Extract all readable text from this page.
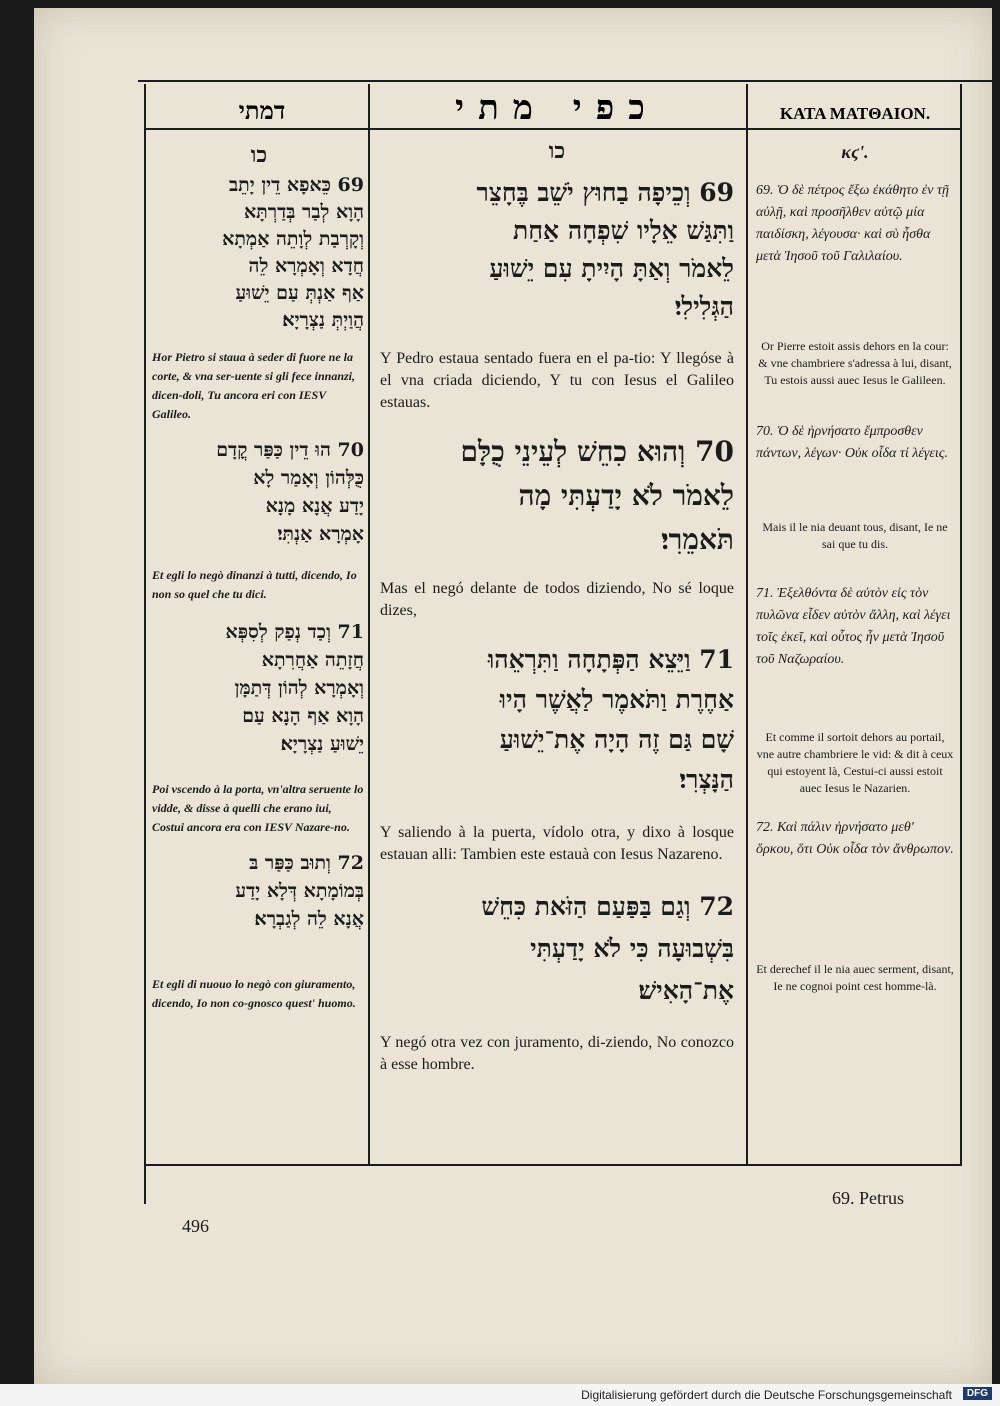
דמתי	כפי מתי	KATA MATΘAION.
כו	כו	κϛ'.
69 כֵּאפָא דֵין יָתֵב
הָוָא לְבַר בְּדַרְתָּא
וְקָרְבַת לְוָתֵה אַמְתָא
חֲדָא וְאָמְרָא לֵה
אַף אַנְתְּ עַם יֵשׁוּעַ
הֲוַיְתְּ נַצְרָיָא׃
Hor Pietro si staua à seder di fuore ne la corte, & vna ser-uente si gli fece innanzi, dicen-doli, Tu ancora eri con IESV Galileo.
70 הוּ דֵין כַּפַּר קֳדָם
כֻּלְּהוֹן וְאָמַר לָא
יָדַע אֲנָא מָנָא
אָמְרָא אַנְתִּי׃
Et egli lo negò dinanzi à tutti, dicendo, Io non so quel che tu dici.
71 וְכַד נְפַק לְסִפְּא
חֲזָתֵה אַחֲרִתָא
וְאָמְרָא לְהוֹן דְּתַמָּן
הָוָא אַף הָנָא עַם
יֵשׁוּעַ נַצְרָיָא׃
Poi vscendo à la porta, vn'altra seruente lo vidde, & disse à quelli che erano iui, Costui ancora era con IESV Nazare-no.
72 וְתוּב כַּפַּר בּ
בְּמוֹמָתָא דְּלָא יָדַע
אֲנָא לֵה לְגַבְרָא׃
Et egli di nuouo lo negò con giuramento, dicendo, Io non co-gnosco quest' huomo.
69 וְכֵיפָה בַחוּץ יֹשֵׁב בֶּחָצֵר
וַתִּגַּשׁ אֵלָיו שִׁפְחָה אַחַת
לֵאמֹר וְאַתָּ הָיִיתָ עִם יֵשׁוּעַ
הַגְּלִילִי׃
Y Pedro estaua sentado fuera en el pa-tio: Y llegóse à el vna criada diciendo, Y tu con Iesus el Galileo estauas.
70 וְהוּא כִחֵשׁ לְעֵינֵי כֻלָּם
לֵאמֹר לֹא יָדַעְתִּי מָה
תֹּאמֵרִי׃
Mas el negó delante de todos diziendo, No sé loque dizes,
71 וַיֵּצֵא הַפְּתָחָה וַתִּרְאֵהוּ
אַחֶרֶת וַתֹּאמֶר לַאֲשֶׁר הָיוּ
שָׁם גַּם זֶה הָיָה אֶת־יֵשׁוּעַ
הַנָּצְרִי׃
Y saliendo à la puerta, vídolo otra, y dixo à losque estauan alli: Tambien este estauà con Iesus Nazareno.
72 וְגַם בַּפַּעַם הַזֹּאת כִּחֵשׁ
בִּשְׁבוּעָה כִּי לֹא יָדַעְתִּי
אֶת־הָאִישׁ׃
Y negó otra vez con juramento, di-ziendo, No conozco à esse hombre.
69. Ὁ δὲ πέτρος ἔξω ἐκάθητο ἐν τῇ αὐλῇ, καὶ προσῆλθεν αὐτῷ μία παιδίσκη, λέγουσα· καὶ σὺ ἦσθα μετὰ Ἰησοῦ τοῦ Γαλιλαίου.
Or Pierre estoit assis dehors en la cour: & vne chambriere s'adressa à lui, disant, Tu estois aussi auec Iesus le Galileen.
70. Ὁ δὲ ἠρνήσατο ἔμπροσθεν πάντων, λέγων· Οὐκ οἶδα τί λέγεις.
Mais il le nia deuant tous, disant, Ie ne sai que tu dis.
71. Ἐξελθόντα δὲ αὐτὸν εἰς τὸν πυλῶνα εἶδεν αὐτὸν ἄλλη, καὶ λέγει τοῖς ἐκεῖ, καὶ οὗτος ἦν μετὰ Ἰησοῦ τοῦ Ναζωραίου.
Et comme il sortoit dehors au portail, vne autre chambriere le vid: & dit à ceux qui estoyent là, Cestui-ci aussi estoit auec Iesus le Nazarien.
72. Καὶ πάλιν ἠρνήσατο μεθ' ὅρκου, ὅτι Οὐκ οἶδα τὸν ἄνθρωπον.
Et derechef il le nia auec serment, disant, Ie ne cognoi point cest homme-là.
496
69. Petrus
Digitalisierung gefördert durch die Deutsche Forschungsgemeinschaft	DFG
